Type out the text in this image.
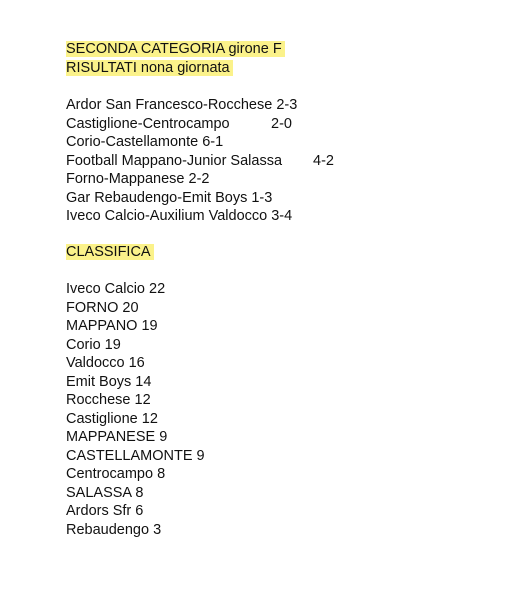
SECONDA CATEGORIA girone F
RISULTATI nona giornata
Ardor San Francesco-Rocchese 2-3
Castiglione-Centrocampo	2-0
Corio-Castellamonte 6-1
Football Mappano-Junior Salassa 4-2
Forno-Mappanese 2-2
Gar Rebaudengo-Emit Boys 1-3
Iveco Calcio-Auxilium Valdocco 3-4
CLASSIFICA
Iveco Calcio 22
FORNO 20
MAPPANO 19
Corio 19
Valdocco 16
Emit Boys 14
Rocchese 12
Castiglione 12
MAPPANESE 9
CASTELLAMONTE 9
Centrocampo 8
SALASSA 8
Ardors Sfr 6
Rebaudengo 3
